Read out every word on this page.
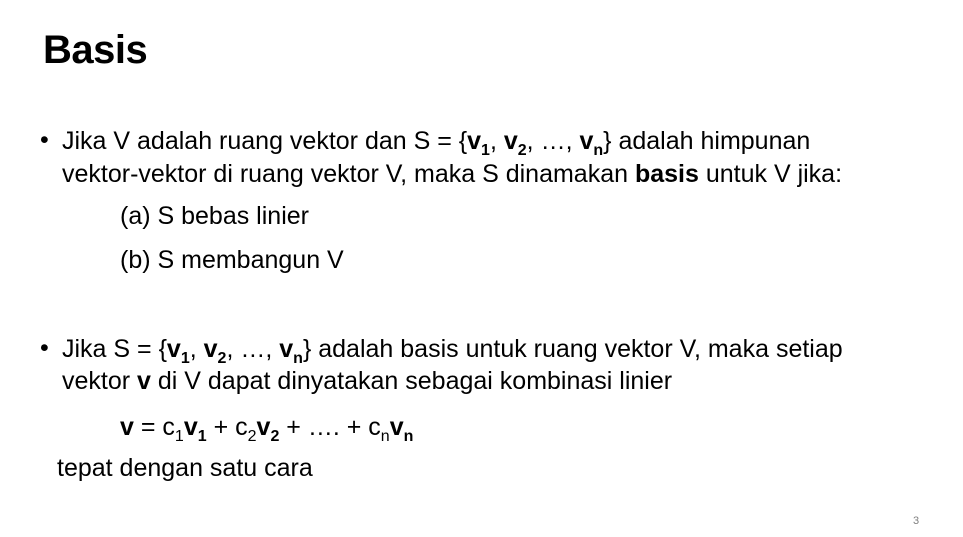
Basis
• Jika V adalah ruang vektor dan $S = \{v_1$, $v_2$, …, $v_n$} adalah himpunan
vektor-vektor di ruang vektor V, maka S dinamakan basis untuk V jika:
(a) S bebas linier
(b) S membangun V
• Jika $S = \{v_1$, $v_2$, …, $v_n$} adalah basis untuk ruang vektor V, maka setiap
vektor v di V dapat dinyatakan sebagai kombinasi linier
$v = c_1v_1 + c_2v_2$ + …. + $c_nv_n$
tepat dengan satu cara
3
